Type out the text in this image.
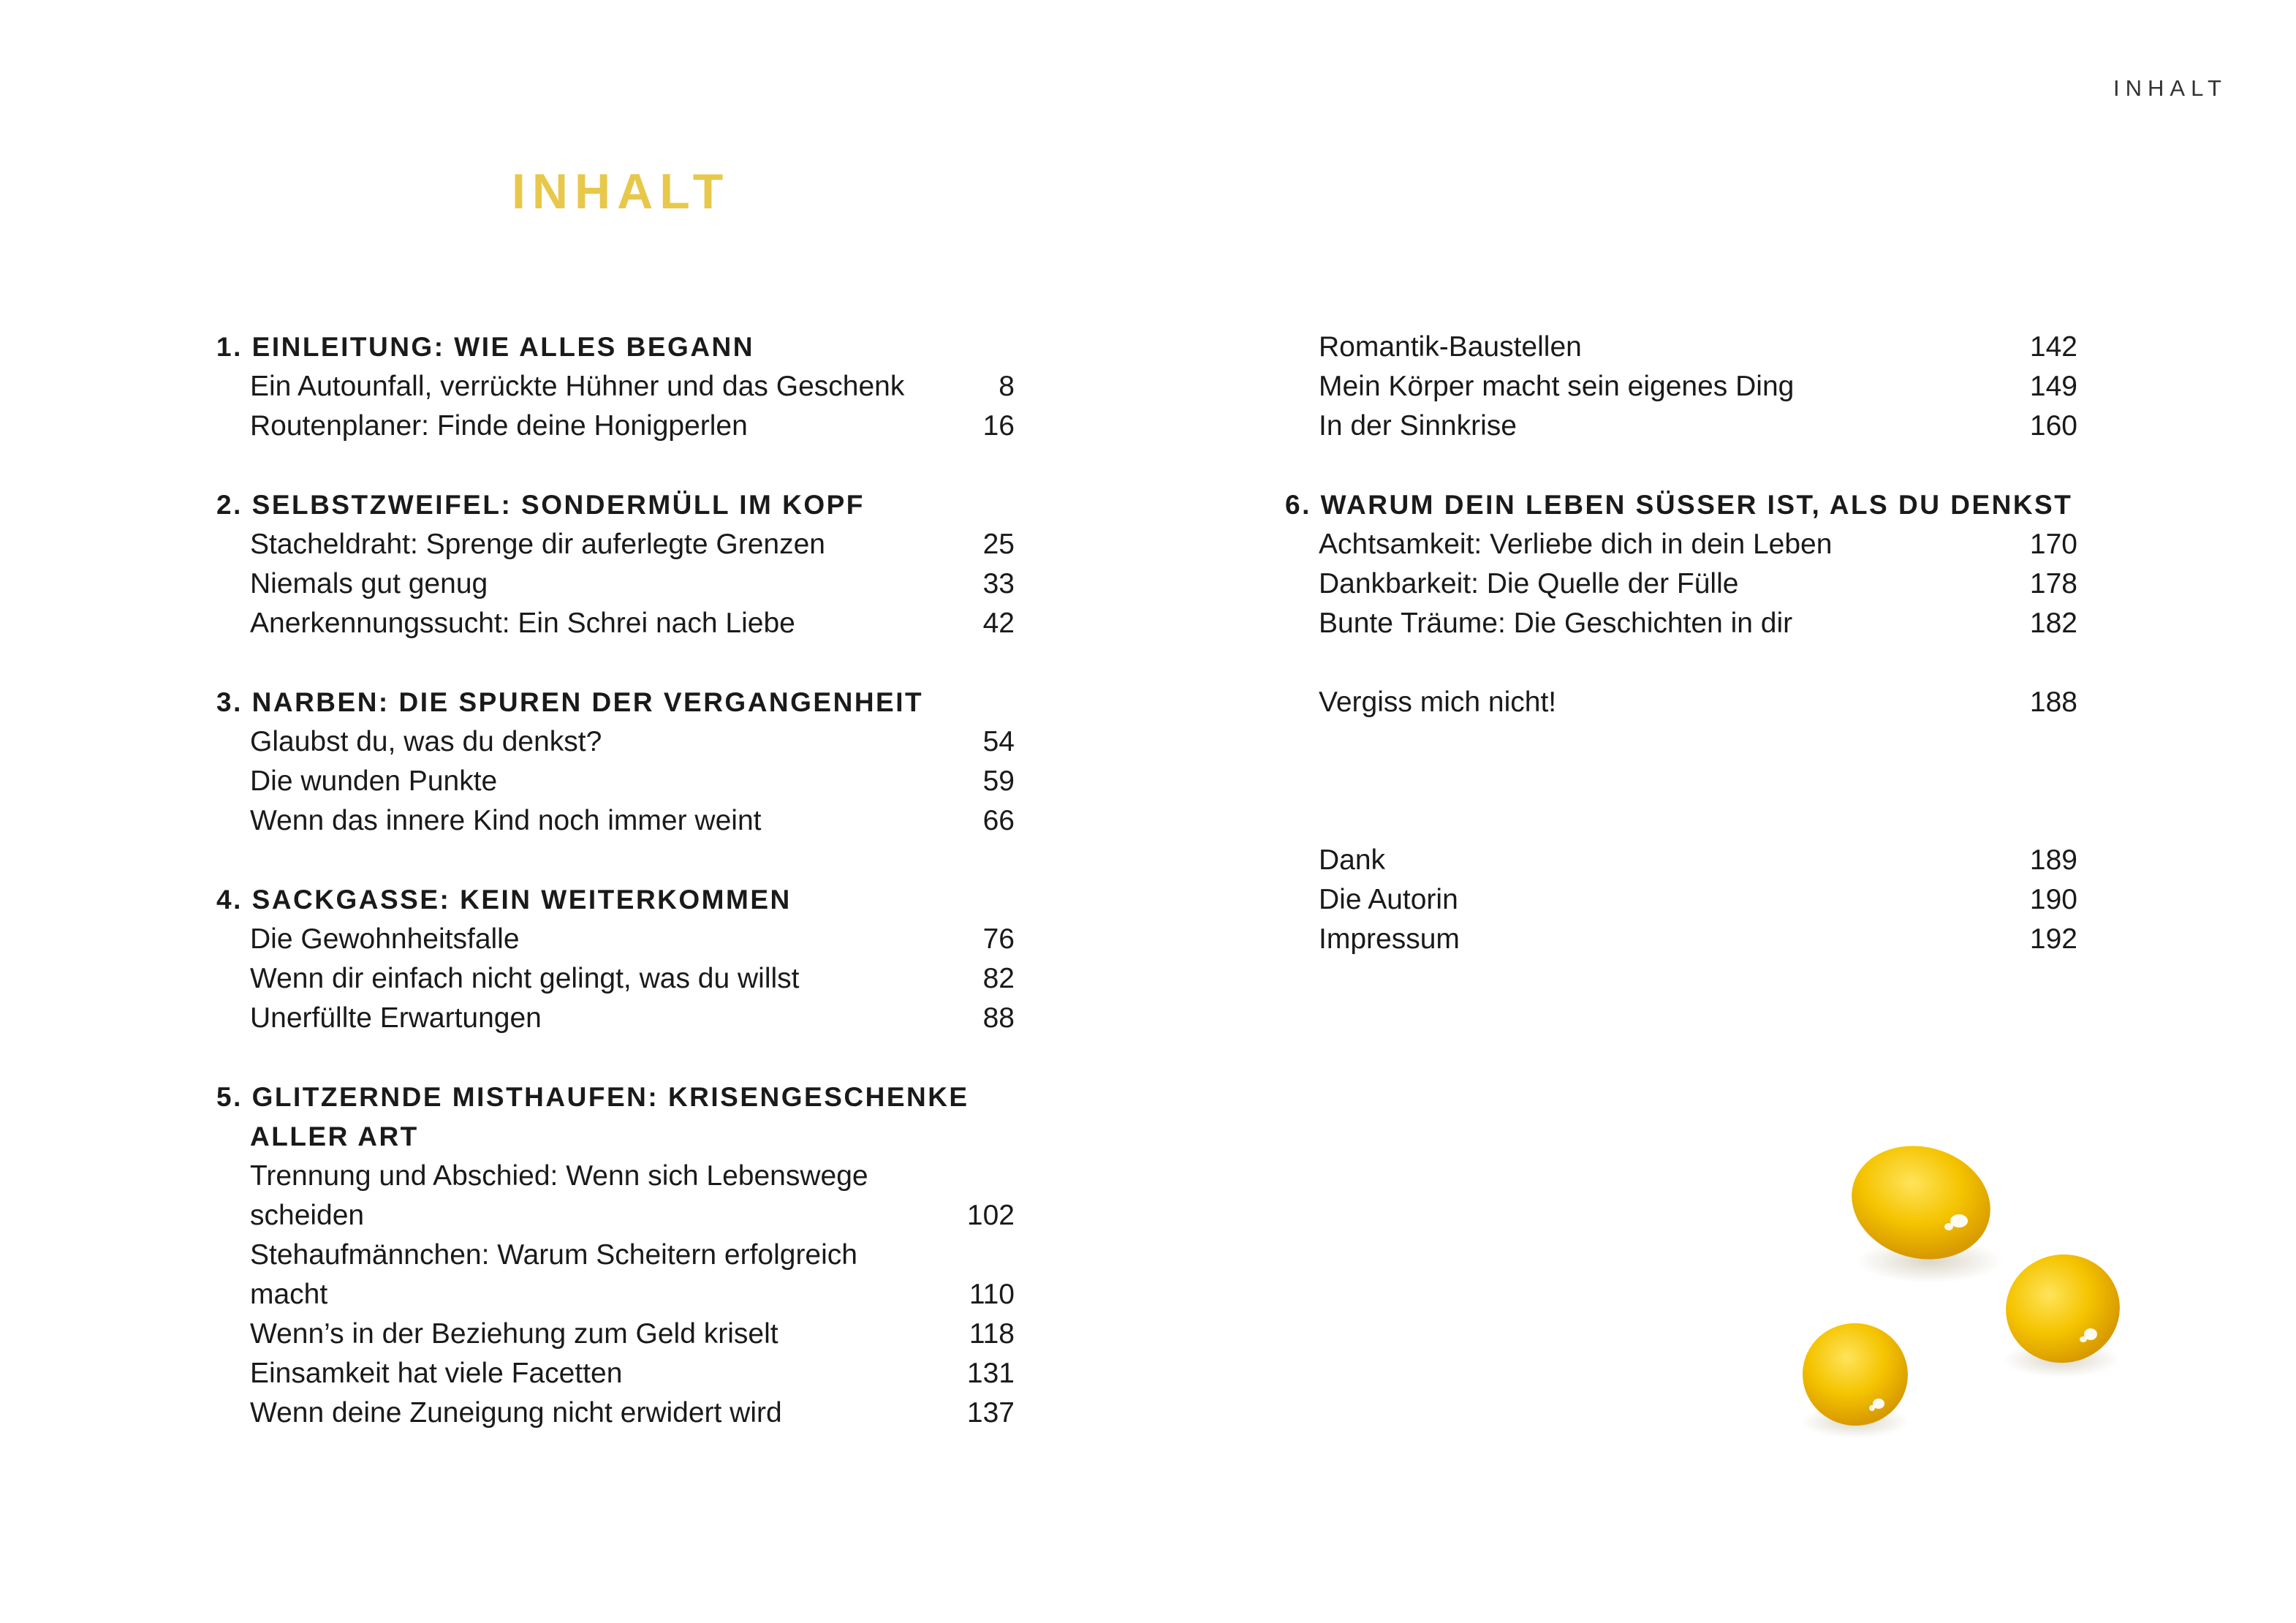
INHALT
INHALT
1. EINLEITUNG: WIE ALLES BEGANN
Ein Autounfall, verrückte Hühner und das Geschenk	8
Routenplaner: Finde deine Honigperlen	16
2. SELBSTZWEIFEL: SONDERMÜLL IM KOPF
Stacheldraht: Sprenge dir auferlegte Grenzen	25
Niemals gut genug	33
Anerkennungssucht: Ein Schrei nach Liebe	42
3. NARBEN: DIE SPUREN DER VERGANGENHEIT
Glaubst du, was du denkst?	54
Die wunden Punkte	59
Wenn das innere Kind noch immer weint	66
4. SACKGASSE: KEIN WEITERKOMMEN
Die Gewohnheitsfalle	76
Wenn dir einfach nicht gelingt, was du willst	82
Unerfüllte Erwartungen	88
5. GLITZERNDE MISTHAUFEN: KRISENGESCHENKE
ALLER ART
Trennung und Abschied: Wenn sich Lebenswege
scheiden	102
Stehaufmännchen: Warum Scheitern erfolgreich
macht	110
Wenn’s in der Beziehung zum Geld kriselt	118
Einsamkeit hat viele Facetten	131
Wenn deine Zuneigung nicht erwidert wird	137
Romantik-Baustellen	142
Mein Körper macht sein eigenes Ding	149
In der Sinnkrise	160
6. WARUM DEIN LEBEN SÜSSER IST, ALS DU DENKST
Achtsamkeit: Verliebe dich in dein Leben	170
Dankbarkeit: Die Quelle der Fülle	178
Bunte Träume: Die Geschichten in dir	182
Vergiss mich nicht!	188
Dank	189
Die Autorin	190
Impressum	192
